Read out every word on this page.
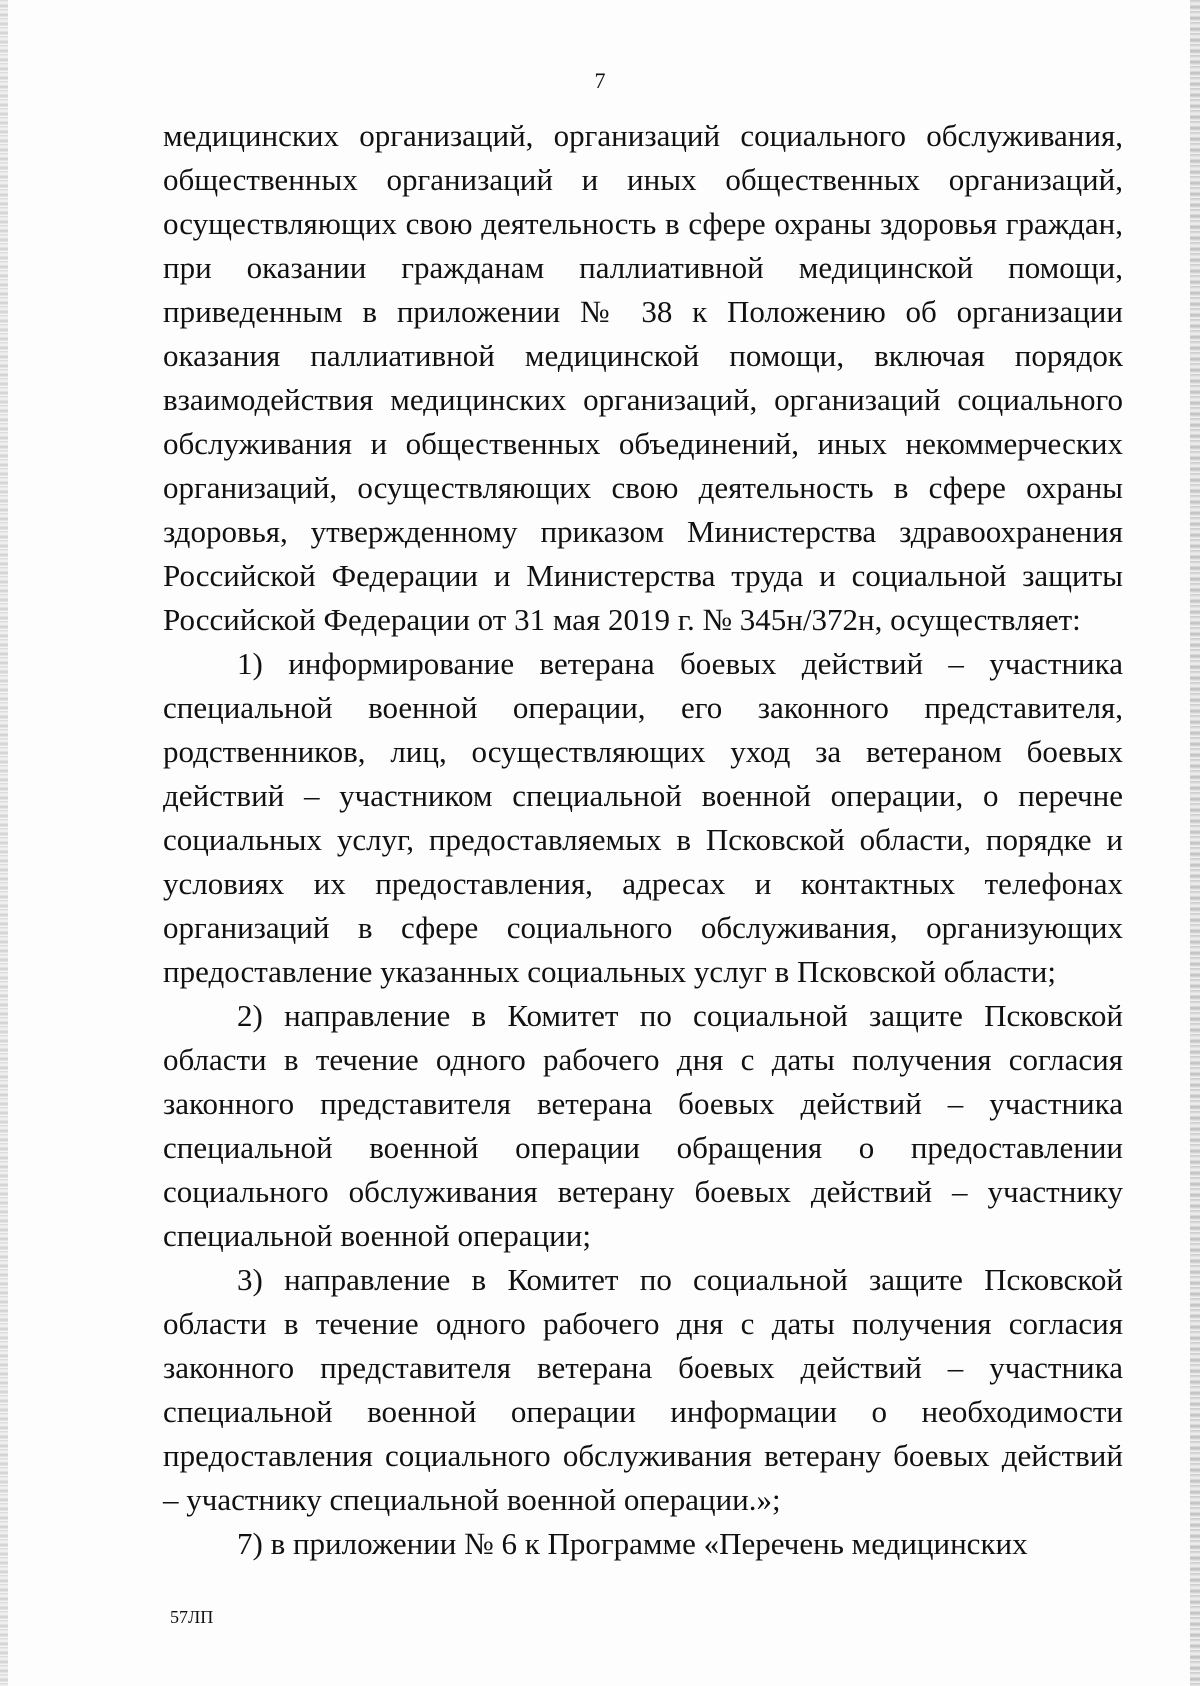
7

медицинских организаций, организаций социального обслуживания, общественных организаций и иных общественных организаций, осуществляющих свою деятельность в сфере охраны здоровья граждан, при оказании гражданам паллиативной медицинской помощи, приведенным в приложении № 38 к Положению об организации оказания паллиативной медицинской помощи, включая порядок взаимодействия медицинских организаций, организаций социального обслуживания и общественных объединений, иных некоммерческих организаций, осуществляющих свою деятельность в сфере охраны здоровья, утвержденному приказом Министерства здравоохранения Российской Федерации и Министерства труда и социальной защиты Российской Федерации от 31 мая 2019 г. № 345н/372н, осуществляет:

1) информирование ветерана боевых действий – участника специальной военной операции, его законного представителя, родственников, лиц, осуществляющих уход за ветераном боевых действий – участником специальной военной операции, о перечне социальных услуг, предоставляемых в Псковской области, порядке и условиях их предоставления, адресах и контактных телефонах организаций в сфере социального обслуживания, организующих предоставление указанных социальных услуг в Псковской области;

2) направление в Комитет по социальной защите Псковской области в течение одного рабочего дня с даты получения согласия законного представителя ветерана боевых действий – участника специальной военной операции обращения о предоставлении социального обслуживания ветерану боевых действий – участнику специальной военной операции;

3) направление в Комитет по социальной защите Псковской области в течение одного рабочего дня с даты получения согласия законного представителя ветерана боевых действий – участника специальной военной операции информации о необходимости предоставления социального обслуживания ветерану боевых действий – участнику специальной военной операции.»;

7) в приложении № 6 к Программе «Перечень медицинских

57ЛП
